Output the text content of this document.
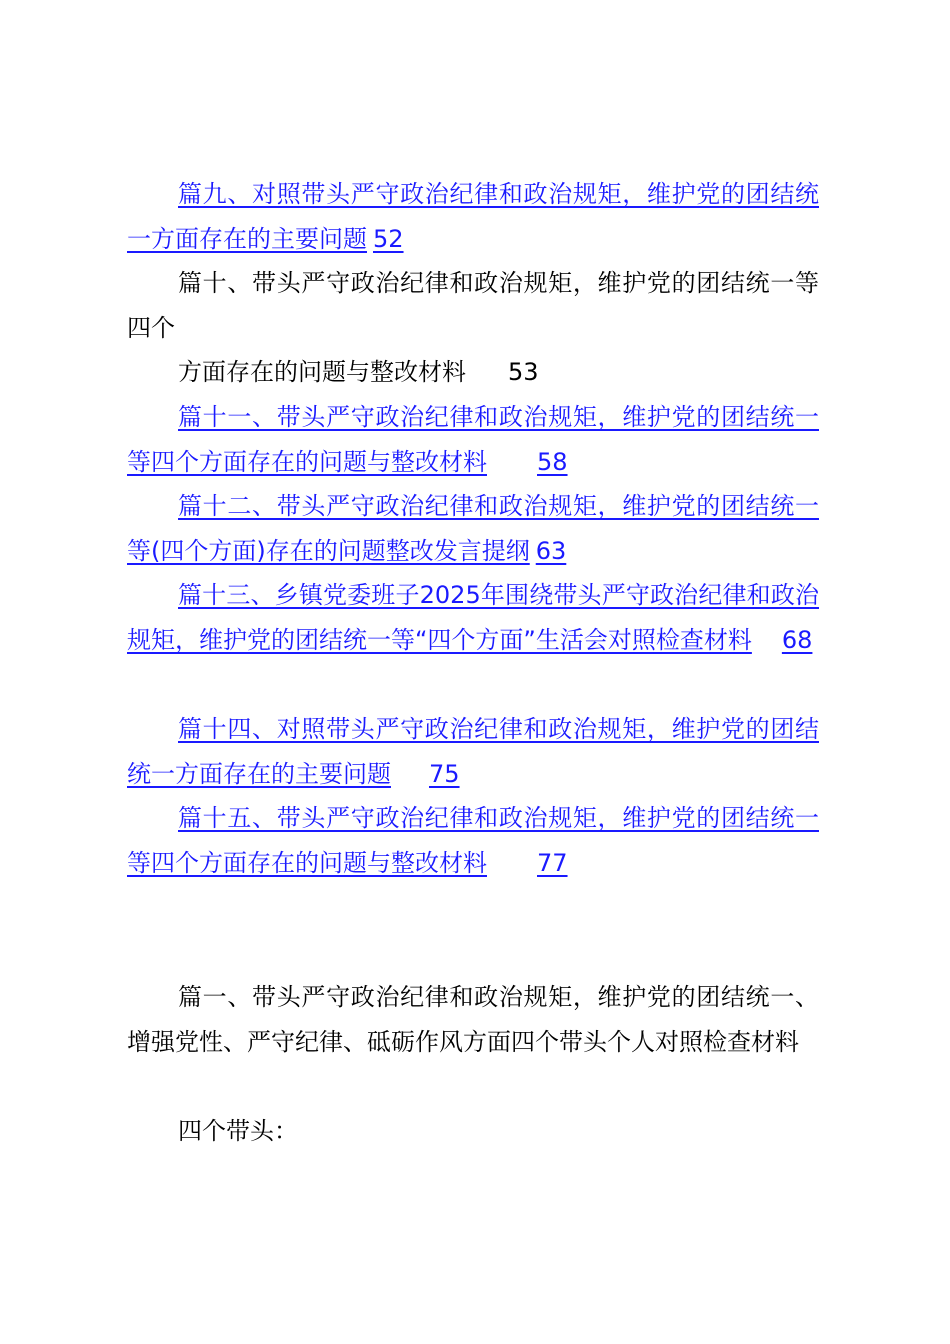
篇九、对照带头严守政治纪律和政治规矩，维护党的团结统一方面存在的主要问题 52

篇十、带头严守政治纪律和政治规矩，维护党的团结统一等四个

方面存在的问题与整改材料 53

篇十一、带头严守政治纪律和政治规矩，维护党的团结统一等四个方面存在的问题与整改材料 58

篇十二、带头严守政治纪律和政治规矩，维护党的团结统一等(四个方面)存在的问题整改发言提纲 63

篇十三、乡镇党委班子2025年围绕带头严守政治纪律和政治规矩，维护党的团结统一等“四个方面”生活会对照检查材料 68

篇十四、对照带头严守政治纪律和政治规矩，维护党的团结统一方面存在的主要问题 75

篇十五、带头严守政治纪律和政治规矩，维护党的团结统一等四个方面存在的问题与整改材料 77

篇一、带头严守政治纪律和政治规矩，维护党的团结统一、增强党性、严守纪律、砥砺作风方面四个带头个人对照检查材料

四个带头：
